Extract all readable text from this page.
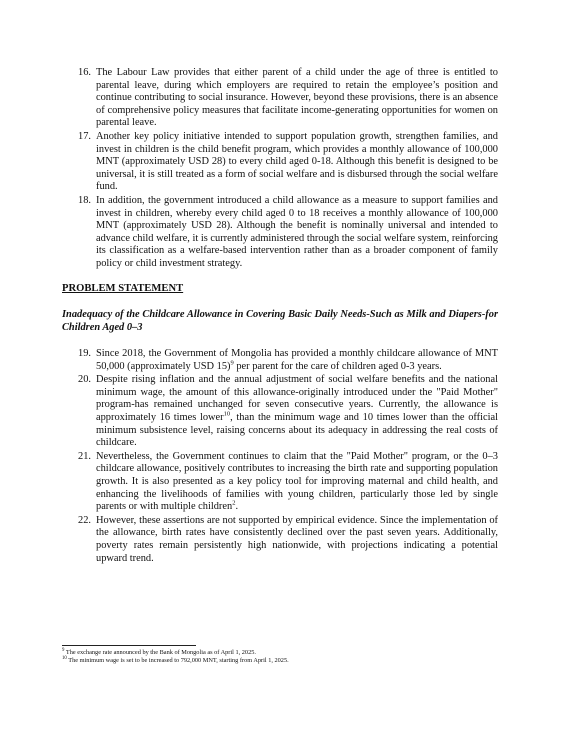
16. The Labour Law provides that either parent of a child under the age of three is entitled to parental leave, during which employers are required to retain the employee’s position and continue contributing to social insurance. However, beyond these provisions, there is an absence of comprehensive policy measures that facilitate income-generating opportunities for women on parental leave.
17. Another key policy initiative intended to support population growth, strengthen families, and invest in children is the child benefit program, which provides a monthly allowance of 100,000 MNT (approximately USD 28) to every child aged 0-18. Although this benefit is designed to be universal, it is still treated as a form of social welfare and is disbursed through the social welfare fund.
18. In addition, the government introduced a child allowance as a measure to support families and invest in children, whereby every child aged 0 to 18 receives a monthly allowance of 100,000 MNT (approximately USD 28). Although the benefit is nominally universal and intended to advance child welfare, it is currently administered through the social welfare system, reinforcing its classification as a welfare-based intervention rather than as a broader component of family policy or child investment strategy.
PROBLEM STATEMENT
Inadequacy of the Childcare Allowance in Covering Basic Daily Needs-Such as Milk and Diapers-for Children Aged 0–3
19. Since 2018, the Government of Mongolia has provided a monthly childcare allowance of MNT 50,000 (approximately USD 15)$^9$ per parent for the care of children aged 0-3 years.
20. Despite rising inflation and the annual adjustment of social welfare benefits and the national minimum wage, the amount of this allowance-originally introduced under the "Paid Mother" program-has remained unchanged for seven consecutive years. Currently, the allowance is approximately 16 times lower$^{10}$, than the minimum wage and 10 times lower than the official minimum subsistence level, raising concerns about its adequacy in addressing the real costs of childcare.
21. Nevertheless, the Government continues to claim that the "Paid Mother" program, or the 0–3 childcare allowance, positively contributes to increasing the birth rate and supporting population growth. It is also presented as a key policy tool for improving maternal and child health, and enhancing the livelihoods of families with young children, particularly those led by single parents or with multiple children$^2$.
22. However, these assertions are not supported by empirical evidence. Since the implementation of the allowance, birth rates have consistently declined over the past seven years. Additionally, poverty rates remain persistently high nationwide, with projections indicating a potential upward trend.
$^9$ The exchange rate announced by the Bank of Mongolia as of April 1, 2025.
$^{10}$ The minimum wage is set to be increased to 792,000 MNT, starting from April 1, 2025.
